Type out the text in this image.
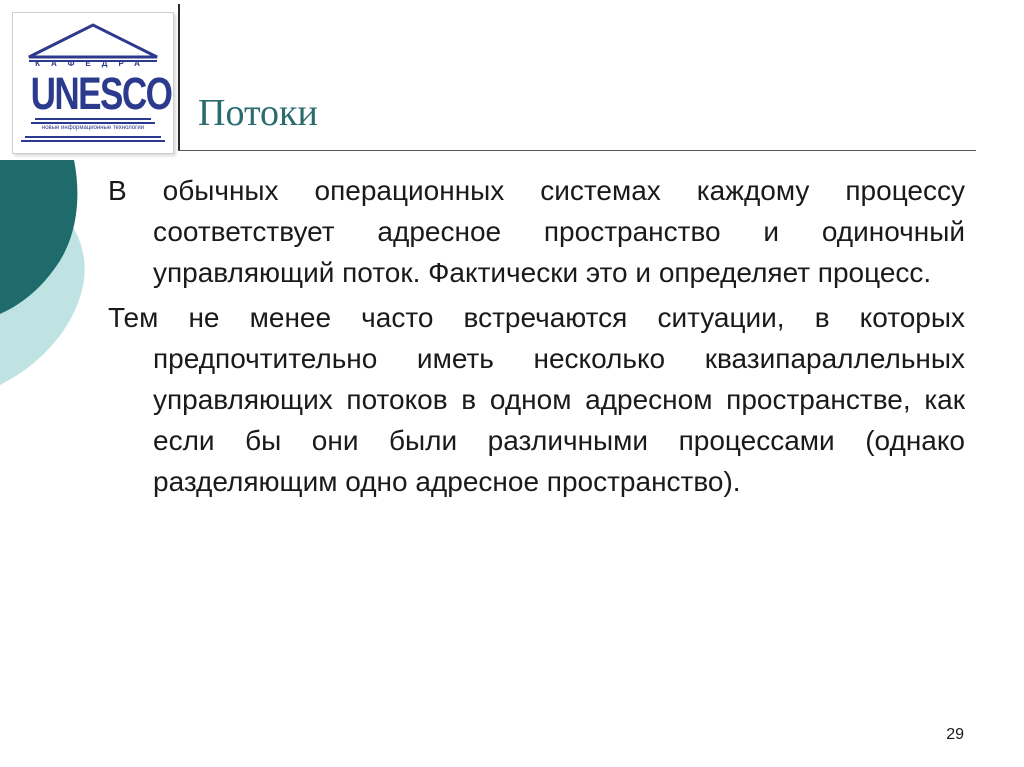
КАФЕДРА
UNESCO
новые информационные технологии	Потоки

В обычных операционных системах каждому процессу соответствует адресное пространство и одиночный управляющий поток. Фактически это и определяет процесс.

Тем не менее часто встречаются ситуации, в которых предпочтительно иметь несколько квазипараллельных управляющих потоков в одном адресном пространстве, как если бы они были различными процессами (однако разделяющим одно адресное пространство).

29
